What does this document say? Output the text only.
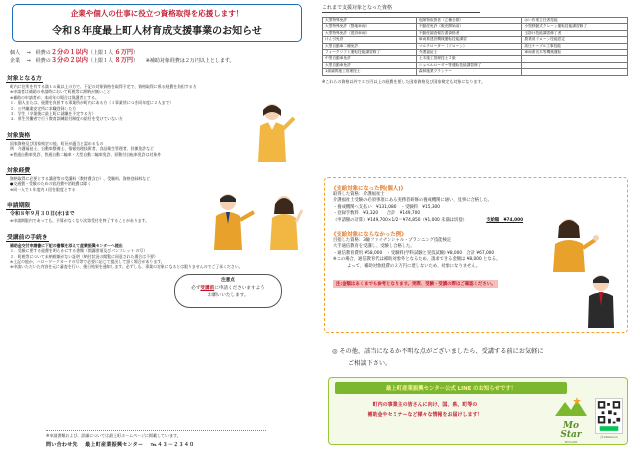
企業や個人の仕事に役立つ資格取得を応援します！
令和８年度最上町人材育成支援事業のお知らせ
個人　 ⇒　経費の２分の１以内（上限１人 ６万円）
企業　 ⇒　経費の３分の２以内（上限１人 ８万円） ※補助対象経費は２万円以上とします。
対象となる方
町内に住所を有する満１６歳以上の方で、下記の対象資格を取得予定で、資格取得に係る経費を負担する方
※申請者は補助の申請時において町税等に滞納が無いこと
※補助の申請者が、本成年の場合は保護者とする。
１．個人または、経費を負担する事業所が町内にある方（１事業所につき同年度に２人まで）
２．公共職業安定所に求職登録した方
３．学生（卒業後に最上町に就職を予定する方）
４．厚生労働省で行う教育訓練給付制度の給付を受けていない方
対象資格
国家資格及び国家検定の他、町長が適当と認めるもの
例　介護福祉士、自動車整備士、情報処理技術者、食品衛生管理者、狩猟免許など
※普通自動車免許、普通自動二輪車・大型自動二輪車免許、原動付自転車免許は対象外
対象経費
資格取得に必要とする講習等の受講料（教材費含む）、受験料、資格登録料など
●交通費・受験のための宿泊費や消耗費は除く
※同一人で１年度内１回を限度とする
申請期限
令和８年９月３０日(水)まで
※申請期限内であっても、予算がなくなり次第受付を終了することがあります。
受講前の手続き
補助金交付申請書に下記の書類を添えて産業振興センターへ提出
１．受験に要する経費を明らかにする書類（開講要項及びパンフレット の写）
２．町税等について未納税額がない証明（納付状況の閲覧に同意された場合は不要）
※上記の他か、ハローワークカードの写等で必要に応じて提出して頂く場合があります。
※申請いただいた内容を元に審査を行い、後日結果を通知します。必ずしも、事業の対象になるとは限りませんのでご了承ください。
注意点
必ず受講前に申請くださいますよう
お願いいたします。
※申請書類および、詳細については最上町ホームページに掲載しています。
問い合わせ先　 最上町産業振興センター　 ℡４３－２３４０
これまで支援対象となった資格
大型特殊免許	危険物取扱者（乙種全類）	はい作業主任者技能
大型特殊免許（整地車両）	不動産免許（販売開始前）	小型移動式クレーン運転技能講習修了
大型特殊免許（建設車両）	不動産調査報告書資格者	玉掛け技能講習修了者
けん引免許	車両系建設機械運転技能講習	農業用ドローン技能認定
大型自動車二種免許	マルチローター（ドローン）	高圧ケーブル工事技能
フォークリフト運転技能講習修了	介護福祉士	車両系伐木等機械運転
中型自動車免許	土木施工管理技士２級	
大型自動車免許	ショベルローダー等運転技能講習修了	
1級調質施工管理技士	森林施業プランナー	
※これらの資格以外で２万円以上の経費を要した国家資格及び国家検定も対象になります。
《支給対象になった例(個人)》
取得した資格：介護福祉士
介護福祉士受験の必須事項にある実務者研修の養成機関に通い、見事に合格した。
・養成機関へ支払い　¥131,080　・受験料　¥15,300
・登録手数料　¥3,320　　合計　¥149,700
（申請額の計算）¥149,700×1/2＝¥74,850（¥1,000 未満は切捨）	支給額　¥74,000
《支給対象にならなかった例》
目指した資格：3級ファイナンシャル・プランニング技能検定
大手通信教育を受講し、受験し合格した。
・通信教育費用 ¥58,000　・受験料(学科試験と実技試験) ¥8,000　合計 ¥67,000
※この場合、通信教育代は補助対象外となるため、請求できる金額は ¥8,000 となる。
よって、補助対象経費の２万円に達しないため、対象になりません。
注:金額はあくまでも参考となります。実際、受験・受講の際はご確認ください。
◎ その他、該当になるか不明な点がございましたら、受講する前にお気軽に
ご相談下さい。
最上町産業振興センター公式 LINE のお知らせです！
町内の事業主の皆さんに向け、国、県、町等の
補助金やセミナーなど様々な情報をお届けします！
Mo Star
MOGAMI
＠190ssoon
